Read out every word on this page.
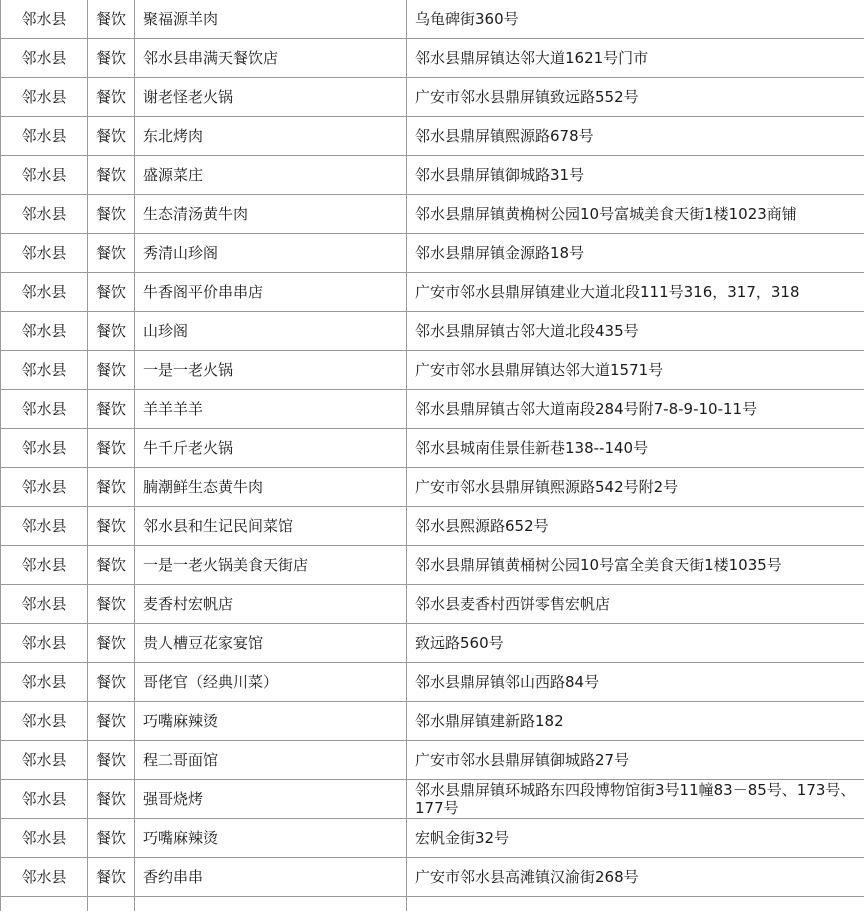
邻水县	餐饮	聚福源羊肉	乌龟碑街360号
邻水县	餐饮	邻水县串满天餐饮店	邻水县鼎屏镇达邻大道1621号门市
邻水县	餐饮	谢老怪老火锅	广安市邻水县鼎屏镇致远路552号
邻水县	餐饮	东北烤肉	邻水县鼎屏镇熙源路678号
邻水县	餐饮	盛源菜庄	邻水县鼎屏镇御城路31号
邻水县	餐饮	生态清汤黄牛肉	邻水县鼎屏镇黄桷树公园10号富城美食天街1楼1023商铺
邻水县	餐饮	秀清山珍阁	邻水县鼎屏镇金源路18号
邻水县	餐饮	牛香阁平价串串店	广安市邻水县鼎屏镇建业大道北段111号316，317，318
邻水县	餐饮	山珍阁	邻水县鼎屏镇古邻大道北段435号
邻水县	餐饮	一是一老火锅	广安市邻水县鼎屏镇达邻大道1571号
邻水县	餐饮	羊羊羊羊	邻水县鼎屏镇古邻大道南段284号附7-8-9-10-11号
邻水县	餐饮	牛千斤老火锅	邻水县城南佳景佳新巷138--140号
邻水县	餐饮	腩潮鲜生态黄牛肉	广安市邻水县鼎屏镇熙源路542号附2号
邻水县	餐饮	邻水县和生记民间菜馆	邻水县熙源路652号
邻水县	餐饮	一是一老火锅美食天街店	邻水县鼎屏镇黄桶树公园10号富全美食天街1楼1035号
邻水县	餐饮	麦香村宏帆店	邻水县麦香村西饼零售宏帆店
邻水县	餐饮	贵人槽豆花家宴馆	致远路560号
邻水县	餐饮	哥佬官（经典川菜）	邻水县鼎屏镇邻山西路84号
邻水县	餐饮	巧嘴麻辣烫	邻水鼎屏镇建新路182
邻水县	餐饮	程二哥面馆	广安市邻水县鼎屏镇御城路27号
邻水县	餐饮	强哥烧烤	邻水县鼎屏镇环城路东四段博物馆街3号11幢83－85号、173号、177号
邻水县	餐饮	巧嘴麻辣烫	宏帆金街32号
邻水县	餐饮	香约串串	广安市邻水县高滩镇汉渝街268号
